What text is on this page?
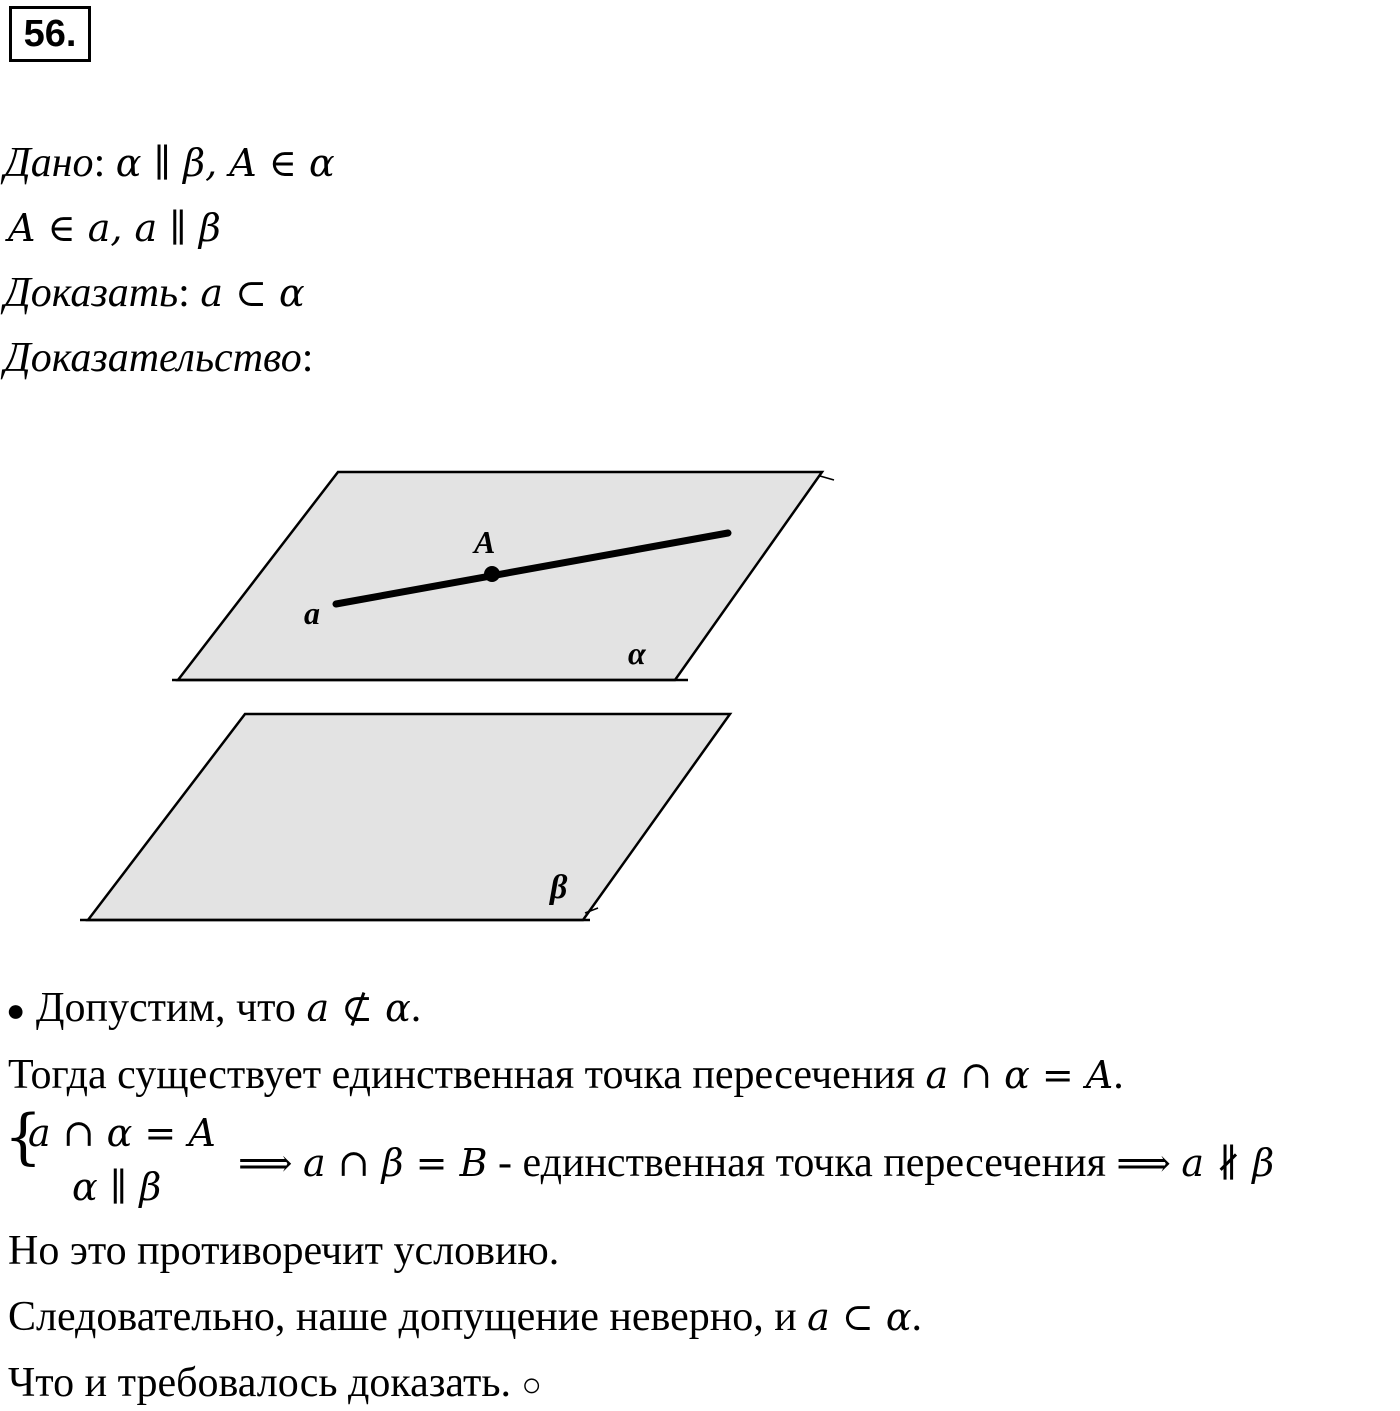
56.
Дано: α ∥ β, A ∈ α
A ∈ a, a ∥ β
Доказать: a ⊂ α
Доказательство:
A
a
α
β
● Допустим, что a ⊄ α.
Тогда существует единственная точка пересечения a ∩ α = A.
{
a ∩ α = A
α ∥ β
⟹ a ∩ β = B - единственная точка пересечения ⟹ a ∦ β
Но это противоречит условию.
Следовательно, наше допущение неверно, и a ⊂ α.
Что и требовалось доказать. ○
